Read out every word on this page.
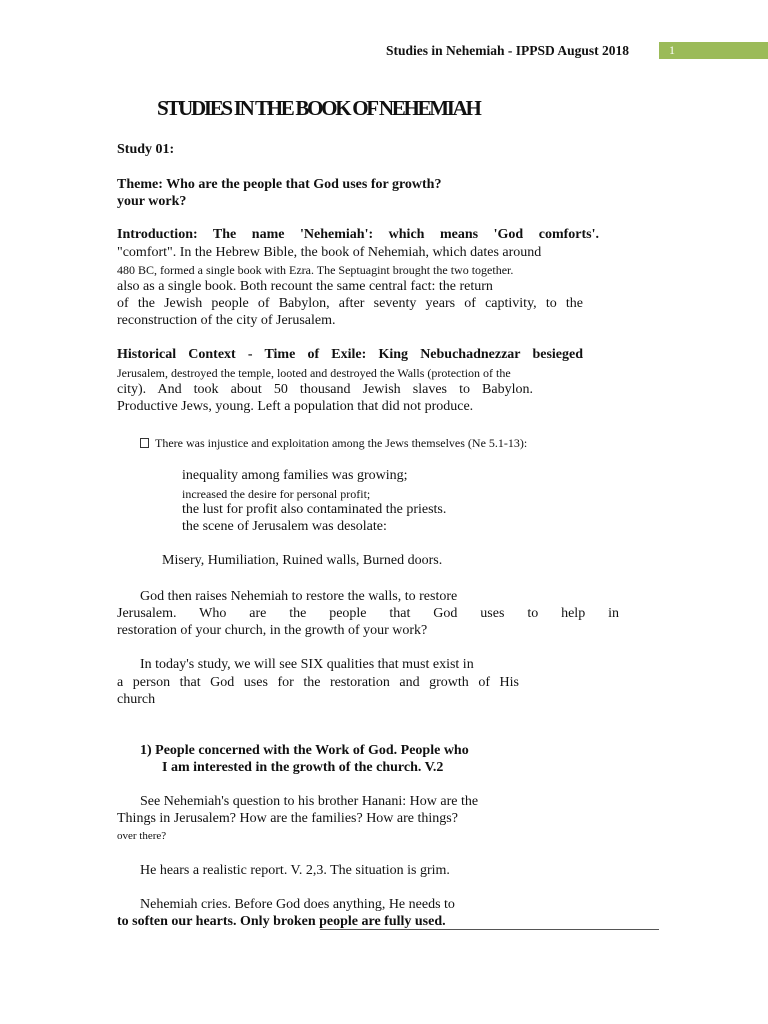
Studies in Nehemiah - IPPSD August 2018	1
STUDIES IN THE BOOK OF NEHEMIAH
Study 01:
Theme: Who are the people that God uses for growth?
your work?
Introduction: The name 'Nehemiah': which means 'God comforts'.
"comfort". In the Hebrew Bible, the book of Nehemiah, which dates around
480 BC, formed a single book with Ezra. The Septuagint brought the two together.
also as a single book. Both recount the same central fact: the return
of the Jewish people of Babylon, after seventy years of captivity, to the
reconstruction of the city of Jerusalem.
Historical Context - Time of Exile: King Nebuchadnezzar besieged
Jerusalem, destroyed the temple, looted and destroyed the Walls (protection of the
city). And took about 50 thousand Jewish slaves to Babylon.
Productive Jews, young. Left a population that did not produce.
There was injustice and exploitation among the Jews themselves (Ne 5.1-13):
inequality among families was growing;
increased the desire for personal profit;
the lust for profit also contaminated the priests.
the scene of Jerusalem was desolate:
Misery, Humiliation, Ruined walls, Burned doors.
God then raises Nehemiah to restore the walls, to restore
Jerusalem. Who are the people that God uses to help in
restoration of your church, in the growth of your work?
In today's study, we will see SIX qualities that must exist in
a person that God uses for the restoration and growth of His
church
1) People concerned with the Work of God. People who
I am interested in the growth of the church. V.2
See Nehemiah's question to his brother Hanani: How are the
Things in Jerusalem? How are the families? How are things?
over there?
He hears a realistic report. V. 2,3. The situation is grim.
Nehemiah cries. Before God does anything, He needs to
to soften our hearts. Only broken people are fully used.
